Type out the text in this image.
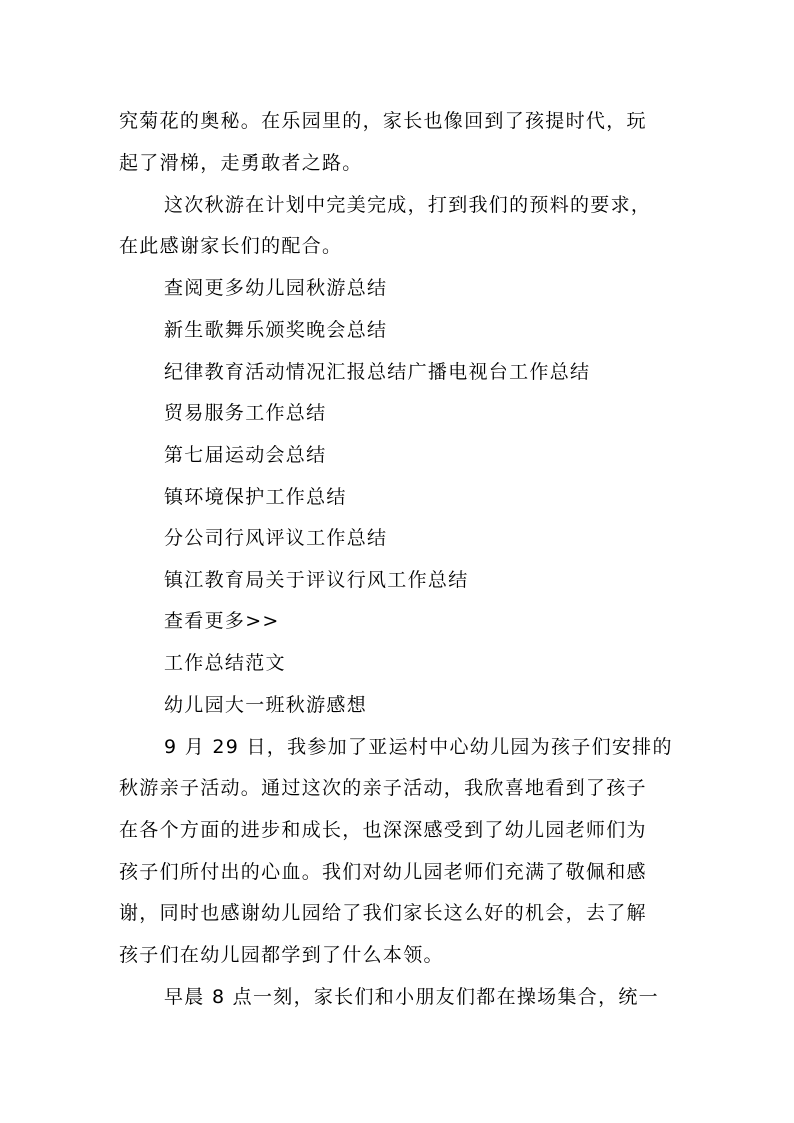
究菊花的奥秘。在乐园里的，家长也像回到了孩提时代，玩
起了滑梯，走勇敢者之路。
这次秋游在计划中完美完成，打到我们的预料的要求，
在此感谢家长们的配合。
查阅更多幼儿园秋游总结
新生歌舞乐颁奖晚会总结
纪律教育活动情况汇报总结广播电视台工作总结
贸易服务工作总结
第七届运动会总结
镇环境保护工作总结
分公司行风评议工作总结
镇江教育局关于评议行风工作总结
查看更多>>
工作总结范文
幼儿园大一班秋游感想
9 月 29 日，我参加了亚运村中心幼儿园为孩子们安排的
秋游亲子活动。通过这次的亲子活动，我欣喜地看到了孩子
在各个方面的进步和成长，也深深感受到了幼儿园老师们为
孩子们所付出的心血。我们对幼儿园老师们充满了敬佩和感
谢，同时也感谢幼儿园给了我们家长这么好的机会，去了解
孩子们在幼儿园都学到了什么本领。
早晨 8 点一刻，家长们和小朋友们都在操场集合，统一
